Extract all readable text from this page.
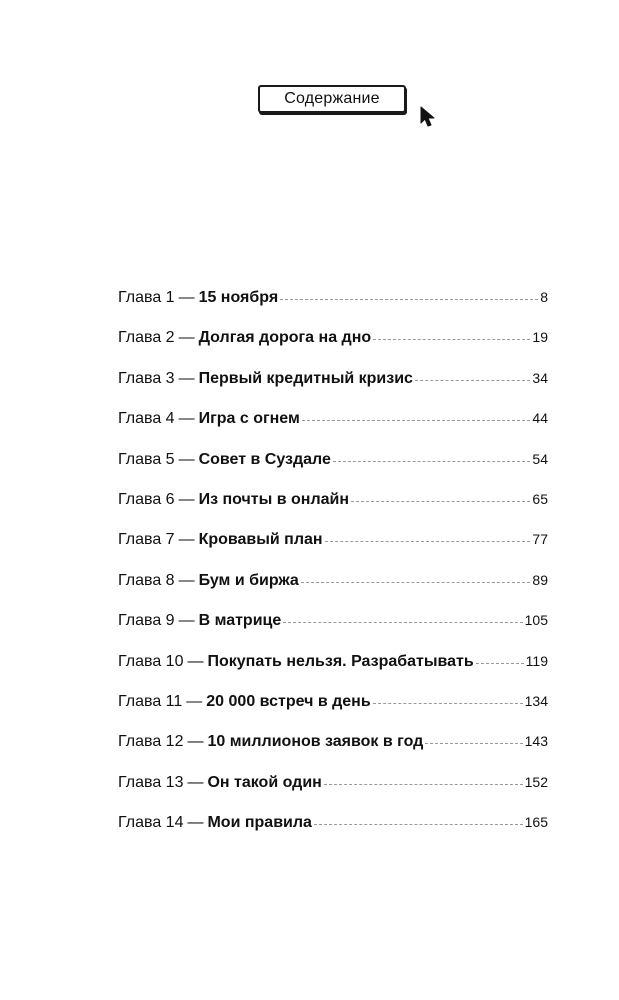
Содержание
Глава 1 — 15 ноября	8
Глава 2 — Долгая дорога на дно	19
Глава 3 — Первый кредитный кризис	34
Глава 4 — Игра с огнем	44
Глава 5 — Совет в Суздале	54
Глава 6 — Из почты в онлайн	65
Глава 7 — Кровавый план	77
Глава 8 — Бум и биржа	89
Глава 9 — В матрице	105
Глава 10 — Покупать нельзя. Разрабатывать	119
Глава 11 — 20 000 встреч в день	134
Глава 12 — 10 миллионов заявок в год	143
Глава 13 — Он такой один	152
Глава 14 — Мои правила	165
